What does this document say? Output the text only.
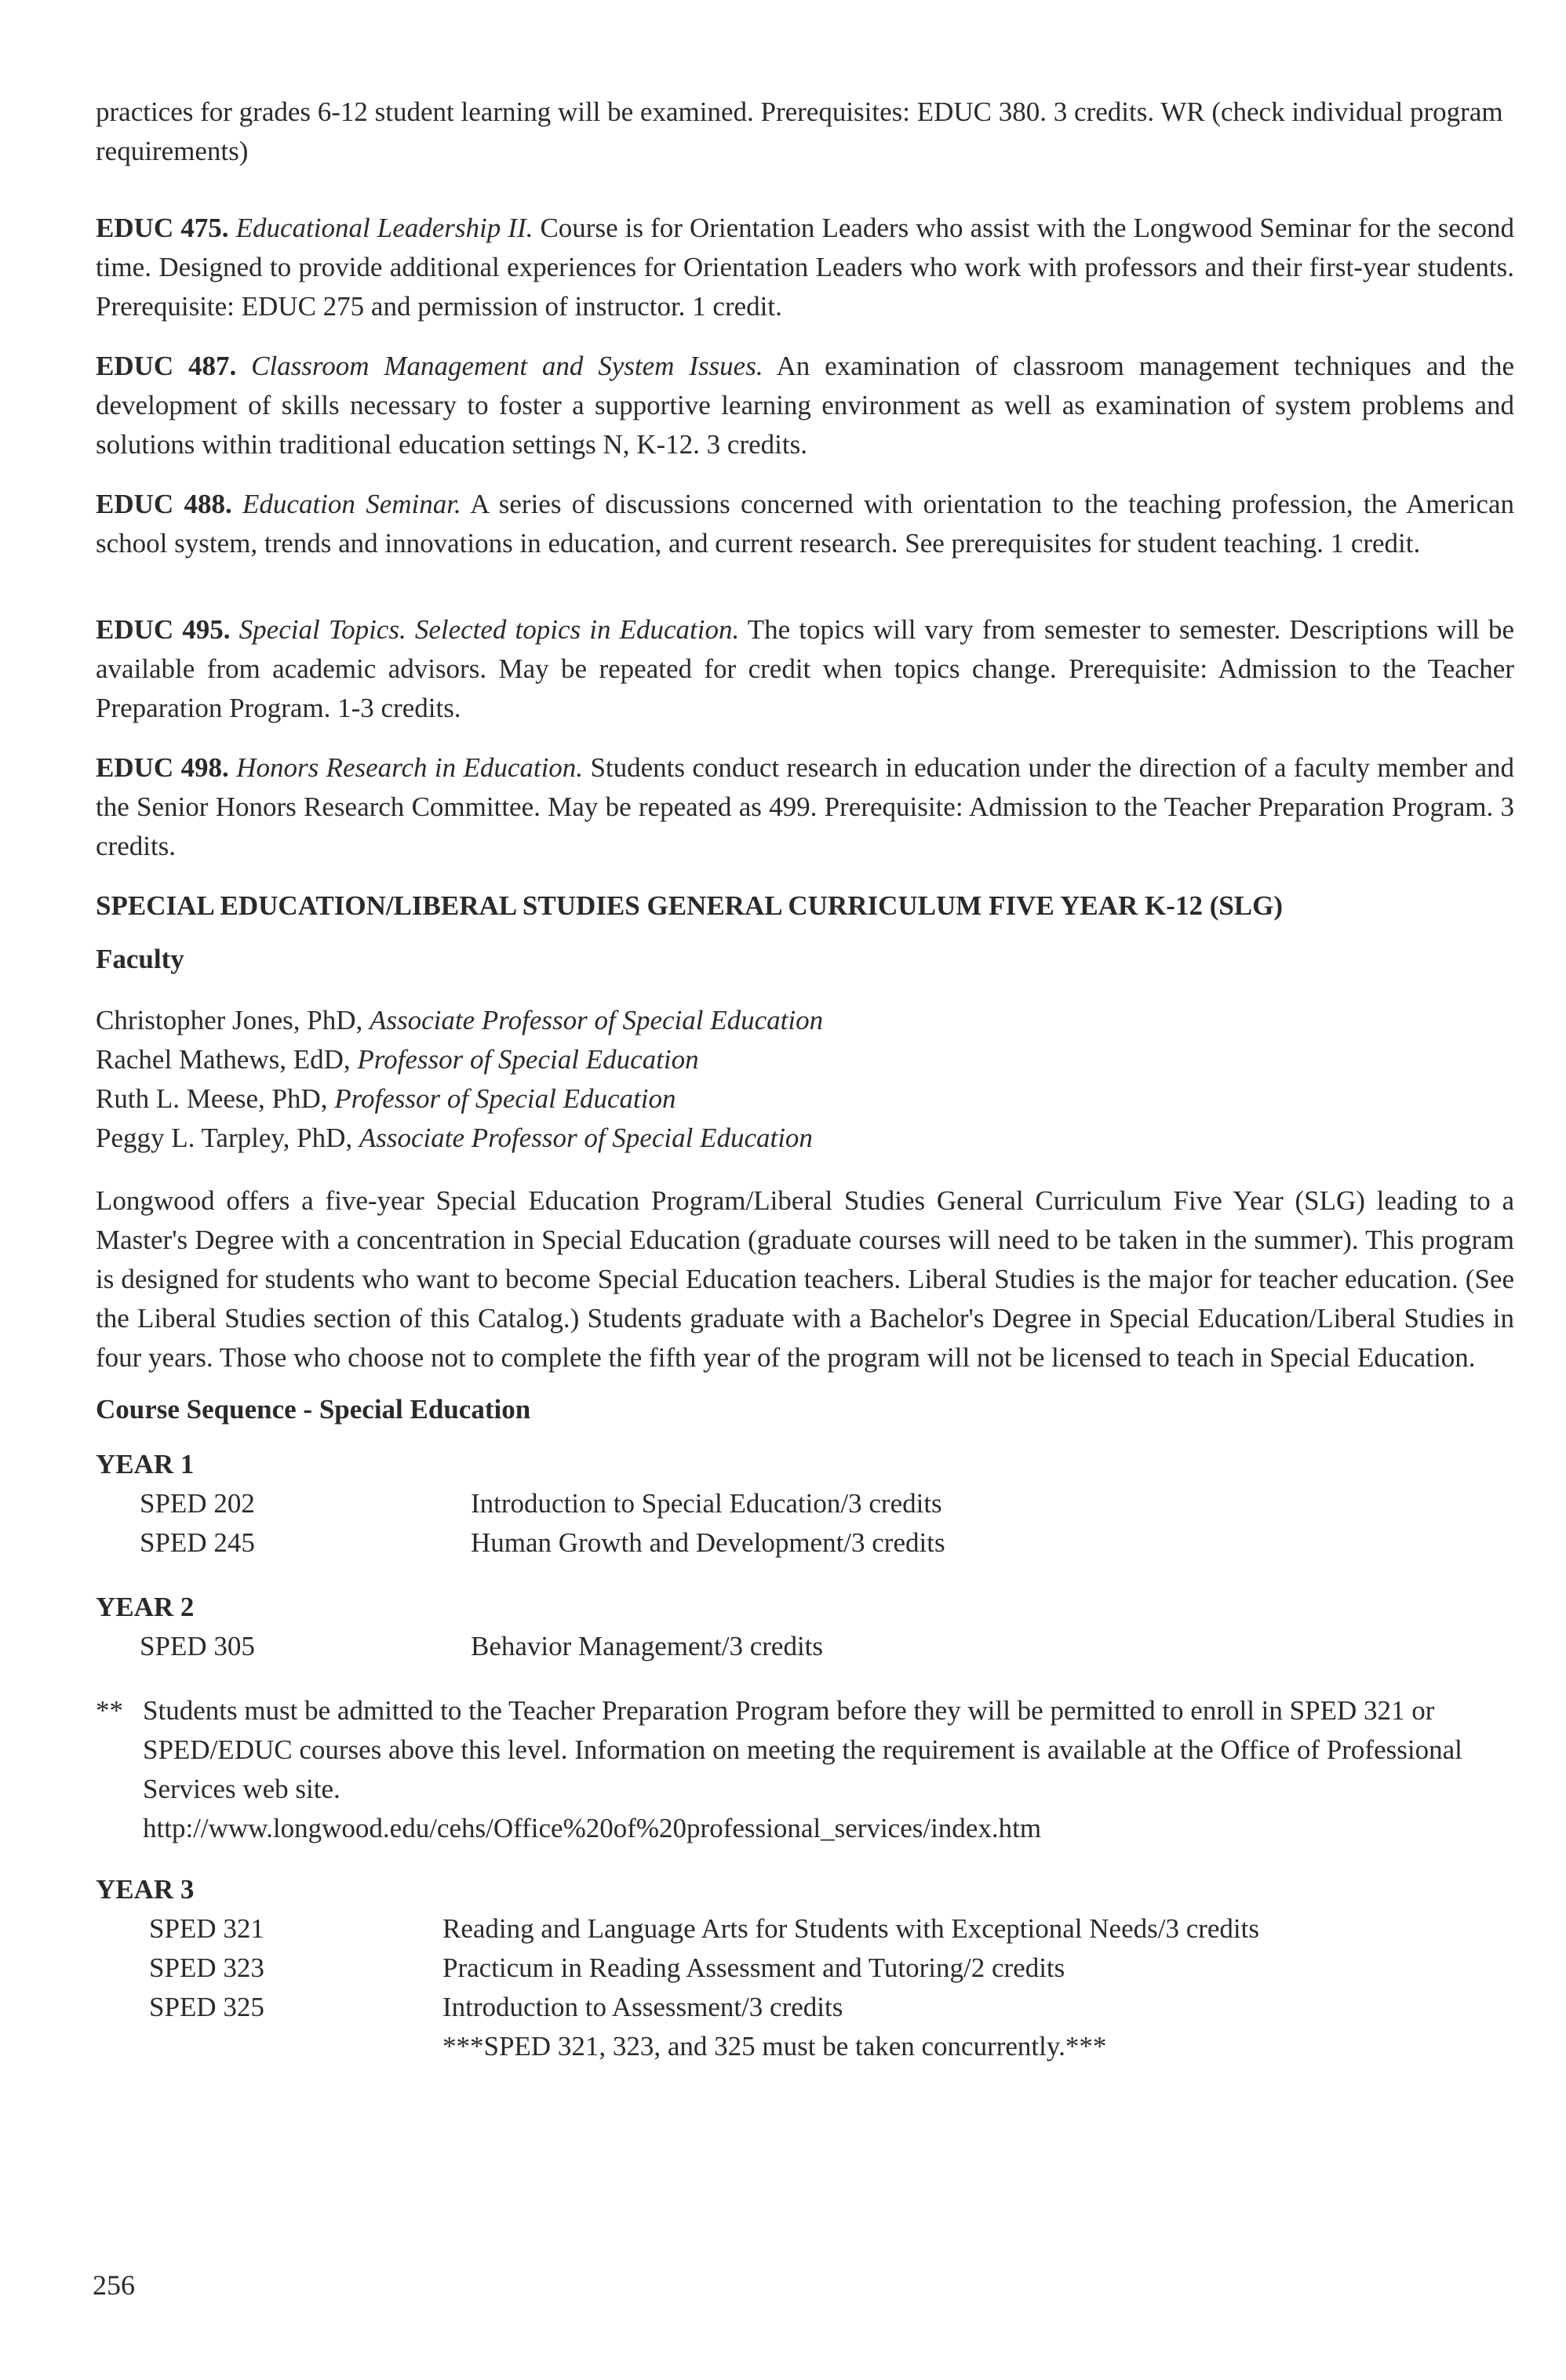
practices for grades 6-12 student learning will be examined. Prerequisites: EDUC 380. 3 credits. WR (check individual program requirements)

EDUC 475. Educational Leadership II. Course is for Orientation Leaders who assist with the Longwood Seminar for the second time. Designed to provide additional experiences for Orientation Leaders who work with professors and their first-year students. Prerequisite: EDUC 275 and permission of instructor. 1 credit.
EDUC 487. Classroom Management and System Issues. An examination of classroom management techniques and the development of skills necessary to foster a supportive learning environment as well as examination of system problems and solutions within traditional education settings N, K-12. 3 credits.
EDUC 488. Education Seminar. A series of discussions concerned with orientation to the teaching profession, the American school system, trends and innovations in education, and current research. See prerequisites for student teaching. 1 credit.
EDUC 495. Special Topics. Selected topics in Education. The topics will vary from semester to semester. Descriptions will be available from academic advisors. May be repeated for credit when topics change. Prerequisite: Admission to the Teacher Preparation Program. 1-3 credits.
EDUC 498. Honors Research in Education. Students conduct research in education under the direction of a faculty member and the Senior Honors Research Committee. May be repeated as 499. Prerequisite: Admission to the Teacher Preparation Program. 3 credits.

SPECIAL EDUCATION/LIBERAL STUDIES GENERAL CURRICULUM FIVE YEAR K-12 (SLG)

Faculty

Christopher Jones, PhD, Associate Professor of Special Education
Rachel Mathews, EdD, Professor of Special Education
Ruth L. Meese, PhD, Professor of Special Education
Peggy L. Tarpley, PhD, Associate Professor of Special Education

Longwood offers a five-year Special Education Program/Liberal Studies General Curriculum Five Year (SLG) leading to a Master's Degree with a concentration in Special Education (graduate courses will need to be taken in the summer). This program is designed for students who want to become Special Education teachers. Liberal Studies is the major for teacher education. (See the Liberal Studies section of this Catalog.) Students graduate with a Bachelor's Degree in Special Education/Liberal Studies in four years. Those who choose not to complete the fifth year of the program will not be licensed to teach in Special Education.

Course Sequence - Special Education

YEAR 1
SPED 202	Introduction to Special Education/3 credits
SPED 245	Human Growth and Development/3 credits
YEAR 2
SPED 305	Behavior Management/3 credits
** Students must be admitted to the Teacher Preparation Program before they will be permitted to enroll in SPED 321 or SPED/EDUC courses above this level. Information on meeting the requirement is available at the Office of Professional Services web site.
http://www.longwood.edu/cehs/Office%20of%20professional_services/index.htm
YEAR 3
SPED 321	Reading and Language Arts for Students with Exceptional Needs/3 credits
SPED 323	Practicum in Reading Assessment and Tutoring/2 credits
SPED 325	Introduction to Assessment/3 credits
***SPED 321, 323, and 325 must be taken concurrently.***
256
